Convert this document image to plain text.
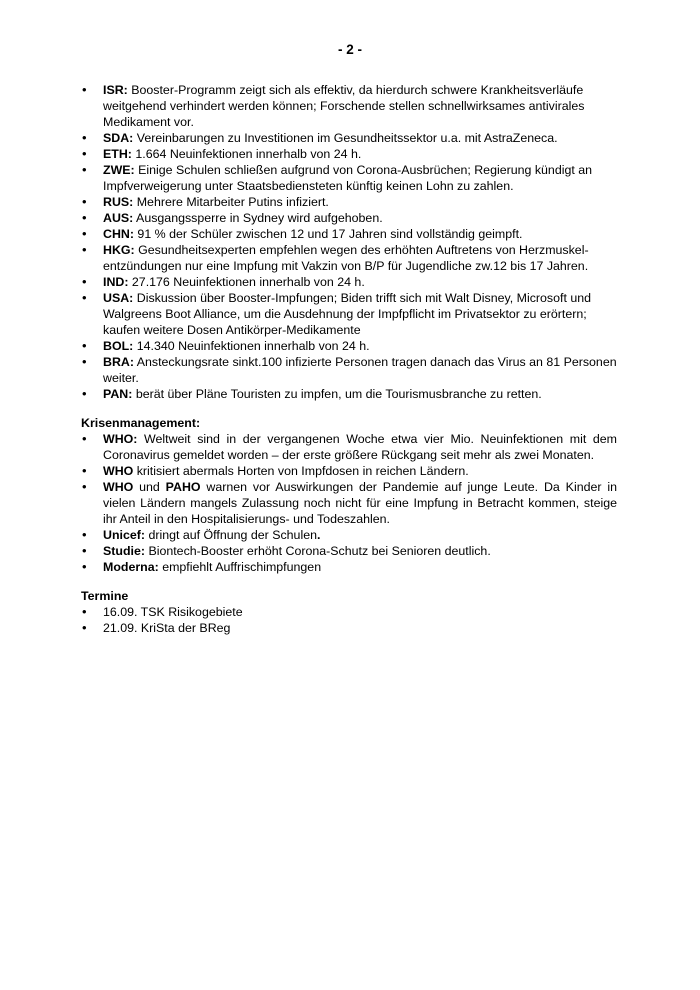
- 2 -
• ISR: Booster-Programm zeigt sich als effektiv, da hierdurch schwere Krankheitsverläufe weitgehend verhindert werden können; Forschende stellen schnellwirksames antivirales Medikament vor.
• SDA: Vereinbarungen zu Investitionen im Gesundheitssektor u.a. mit AstraZeneca.
• ETH: 1.664 Neuinfektionen innerhalb von 24 h.
• ZWE: Einige Schulen schließen aufgrund von Corona-Ausbrüchen; Regierung kündigt an Impfverweigerung unter Staatsbediensteten künftig keinen Lohn zu zahlen.
• RUS: Mehrere Mitarbeiter Putins infiziert.
• AUS: Ausgangssperre in Sydney wird aufgehoben.
• CHN: 91 % der Schüler zwischen 12 und 17 Jahren sind vollständig geimpft.
• HKG: Gesundheitsexperten empfehlen wegen des erhöhten Auftretens von Herzmuskel-entzündungen nur eine Impfung mit Vakzin von B/P für Jugendliche zw.12 bis 17 Jahren.
• IND: 27.176 Neuinfektionen innerhalb von 24 h.
• USA: Diskussion über Booster-Impfungen; Biden trifft sich mit Walt Disney, Microsoft und Walgreens Boot Alliance, um die Ausdehnung der Impfpflicht im Privatsektor zu erörtern; kaufen weitere Dosen Antikörper-Medikamente
• BOL: 14.340 Neuinfektionen innerhalb von 24 h.
• BRA: Ansteckungsrate sinkt.100 infizierte Personen tragen danach das Virus an 81 Personen weiter.
• PAN: berät über Pläne Touristen zu impfen, um die Tourismusbranche zu retten.
Krisenmanagement:
• WHO: Weltweit sind in der vergangenen Woche etwa vier Mio. Neuinfektionen mit dem Coronavirus gemeldet worden – der erste größere Rückgang seit mehr als zwei Monaten.
• WHO kritisiert abermals Horten von Impfdosen in reichen Ländern.
• WHO und PAHO warnen vor Auswirkungen der Pandemie auf junge Leute. Da Kinder in vielen Ländern mangels Zulassung noch nicht für eine Impfung in Betracht kommen, steige ihr Anteil in den Hospitalisierungs- und Todeszahlen.
• Unicef: dringt auf Öffnung der Schulen.
• Studie: Biontech-Booster erhöht Corona-Schutz bei Senioren deutlich.
• Moderna: empfiehlt Auffrischimpfungen
Termine
• 16.09. TSK Risikogebiete
• 21.09. KriSta der BReg
